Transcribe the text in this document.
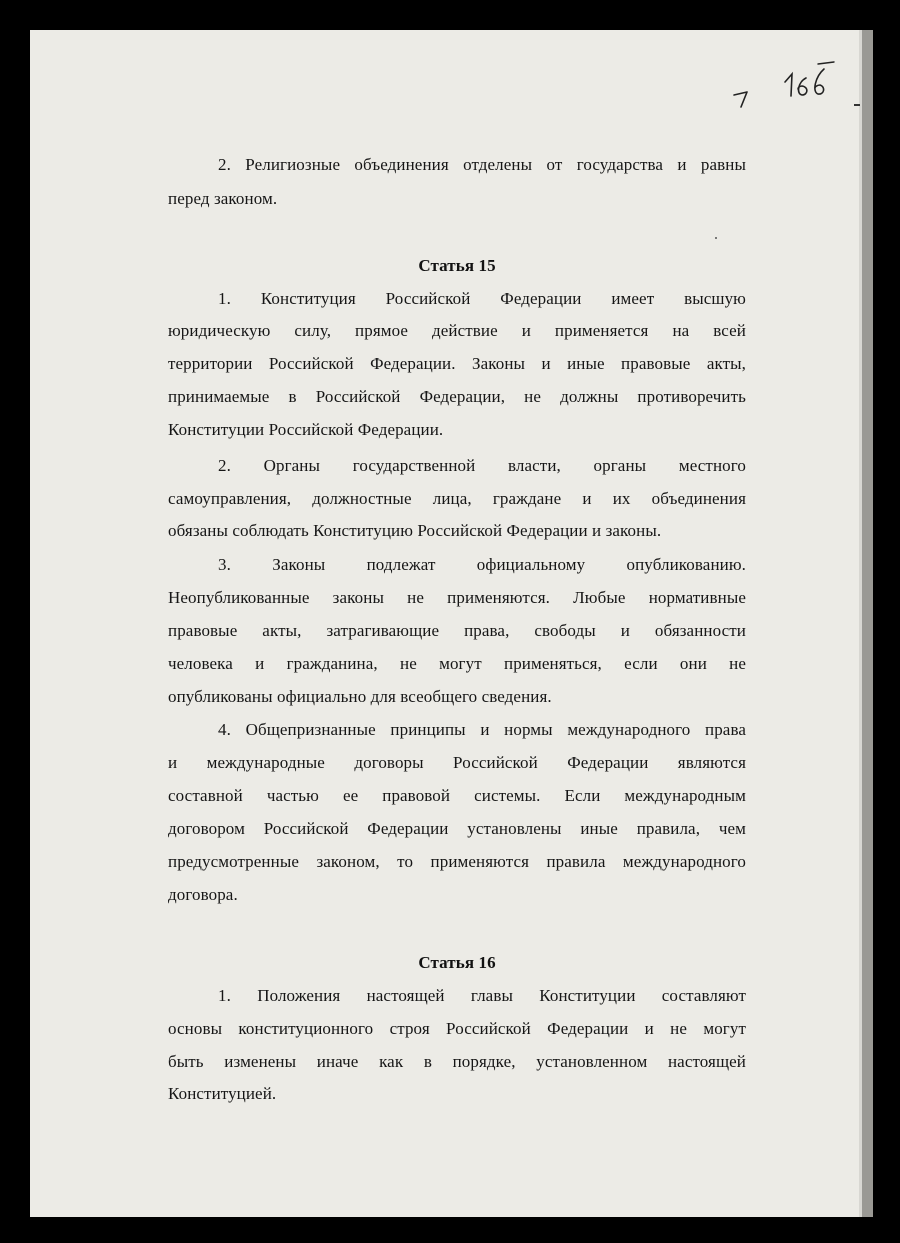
2. Религиозные объединения отделены от государства и равны
перед законом.
Статья 15
1. Конституция Российской Федерации имеет высшую
юридическую силу, прямое действие и применяется на всей
территории Российской Федерации. Законы и иные правовые акты,
принимаемые в Российской Федерации, не должны противоречить
Конституции Российской Федерации.
2. Органы государственной власти, органы местного
самоуправления, должностные лица, граждане и их объединения
обязаны соблюдать Конституцию Российской Федерации и законы.
3. Законы подлежат официальному опубликованию.
Неопубликованные законы не применяются. Любые нормативные
правовые акты, затрагивающие права, свободы и обязанности
человека и гражданина, не могут применяться, если они не
опубликованы официально для всеобщего сведения.
4. Общепризнанные принципы и нормы международного права
и международные договоры Российской Федерации являются
составной частью ее правовой системы. Если международным
договором Российской Федерации установлены иные правила, чем
предусмотренные законом, то применяются правила международного
договора.
Статья 16
1. Положения настоящей главы Конституции составляют
основы конституционного строя Российской Федерации и не могут
быть изменены иначе как в порядке, установленном настоящей
Конституцией.
